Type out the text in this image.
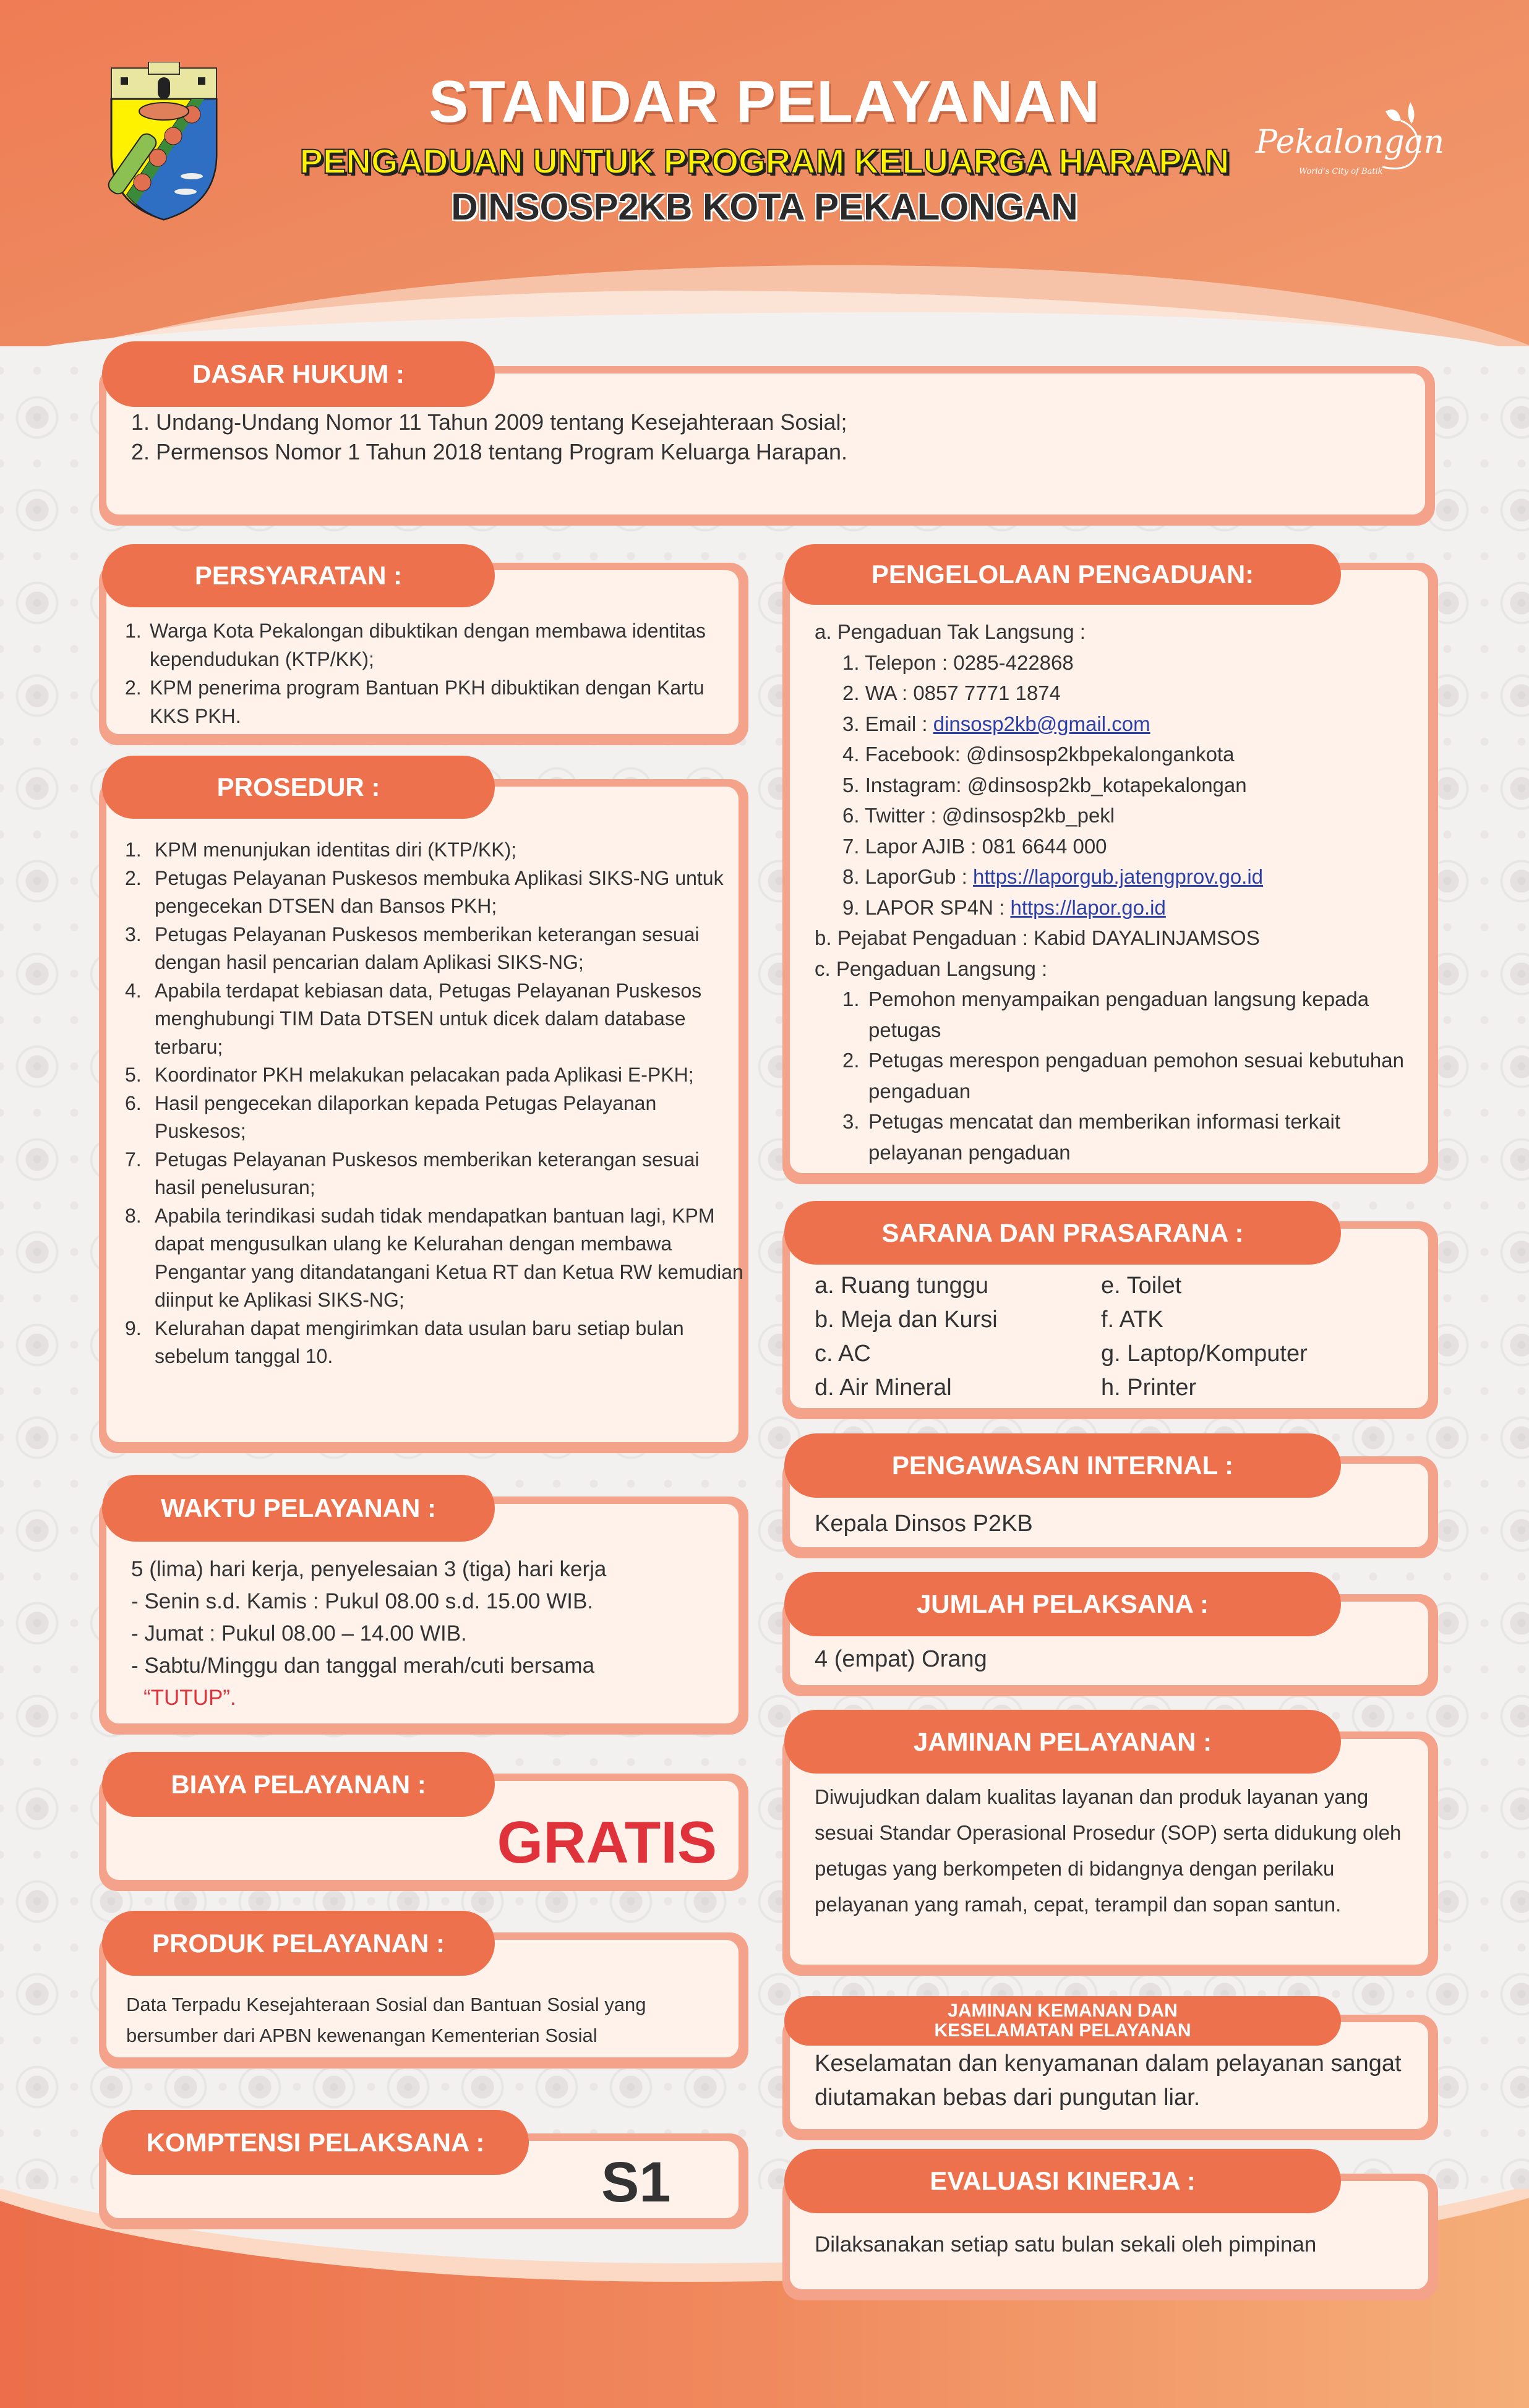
STANDAR PELAYANAN
PENGADUAN UNTUK PROGRAM KELUARGA HARAPAN
DINSOSP2KB KOTA PEKALONGAN
Pekalongan
World's City of Batik
1. Undang-Undang Nomor 11 Tahun 2009 tentang Kesejahteraan Sosial;
2. Permensos Nomor 1 Tahun 2018 tentang Program Keluarga Harapan.
DASAR HUKUM :
1. Warga Kota Pekalongan dibuktikan dengan membawa identitas kependudukan (KTP/KK);
2. KPM penerima program Bantuan PKH dibuktikan dengan Kartu KKS PKH.
PERSYARATAN :
1. KPM menunjukan identitas diri (KTP/KK);
2. Petugas Pelayanan Puskesos membuka Aplikasi SIKS-NG untuk pengecekan DTSEN dan Bansos PKH;
3. Petugas Pelayanan Puskesos memberikan keterangan sesuai dengan hasil pencarian dalam Aplikasi SIKS-NG;
4. Apabila terdapat kebiasan data, Petugas Pelayanan Puskesos menghubungi TIM Data DTSEN untuk dicek dalam database terbaru;
5. Koordinator PKH melakukan pelacakan pada Aplikasi E-PKH;
6. Hasil pengecekan dilaporkan kepada Petugas Pelayanan Puskesos;
7. Petugas Pelayanan Puskesos memberikan keterangan sesuai hasil penelusuran;
8. Apabila terindikasi sudah tidak mendapatkan bantuan lagi, KPM dapat mengusulkan ulang ke Kelurahan dengan membawa Pengantar yang ditandatangani Ketua RT dan Ketua RW kemudian diinput ke Aplikasi SIKS-NG;
9. Kelurahan dapat mengirimkan data usulan baru setiap bulan sebelum tanggal 10.
PROSEDUR :
5 (lima) hari kerja, penyelesaian 3 (tiga) hari kerja
- Senin s.d. Kamis : Pukul 08.00 s.d. 15.00 WIB.
- Jumat : Pukul 08.00 – 14.00 WIB.
- Sabtu/Minggu dan tanggal merah/cuti bersama
“TUTUP”.
WAKTU PELAYANAN :
GRATIS
BIAYA PELAYANAN :
Data Terpadu Kesejahteraan Sosial dan Bantuan Sosial yang bersumber dari APBN kewenangan Kementerian Sosial
PRODUK PELAYANAN :
S1
KOMPTENSI PELAKSANA :
a. Pengaduan Tak Langsung :
1. Telepon : 0285-422868
2. WA : 0857 7771 1874
3. Email : dinsosp2kb@gmail.com
4. Facebook: @dinsosp2kbpekalongankota
5. Instagram: @dinsosp2kb_kotapekalongan
6. Twitter : @dinsosp2kb_pekl
7. Lapor AJIB : 081 6644 000
8. LaporGub : https://laporgub.jatengprov.go.id
9. LAPOR SP4N : https://lapor.go.id
b. Pejabat Pengaduan : Kabid DAYALINJAMSOS
c. Pengaduan Langsung :
1. Pemohon menyampaikan pengaduan langsung kepada petugas
2. Petugas merespon pengaduan pemohon sesuai kebutuhan pengaduan
3. Petugas mencatat dan memberikan informasi terkait pelayanan pengaduan
PENGELOLAAN PENGADUAN:
a. Ruang tunggu
b. Meja dan Kursi
c. AC
d. Air Mineral
e. Toilet
f. ATK
g. Laptop/Komputer
h. Printer
SARANA DAN PRASARANA :
Kepala Dinsos P2KB
PENGAWASAN INTERNAL :
4 (empat) Orang
JUMLAH PELAKSANA :
Diwujudkan dalam kualitas layanan dan produk layanan yang sesuai Standar Operasional Prosedur (SOP) serta didukung oleh petugas yang berkompeten di bidangnya dengan perilaku pelayanan yang ramah, cepat, terampil dan sopan santun.
JAMINAN PELAYANAN :
Keselamatan dan kenyamanan dalam pelayanan sangat diutamakan bebas dari pungutan liar.
JAMINAN KEMANAN DAN
KESELAMATAN PELAYANAN
Dilaksanakan setiap satu bulan sekali oleh pimpinan
EVALUASI KINERJA :
